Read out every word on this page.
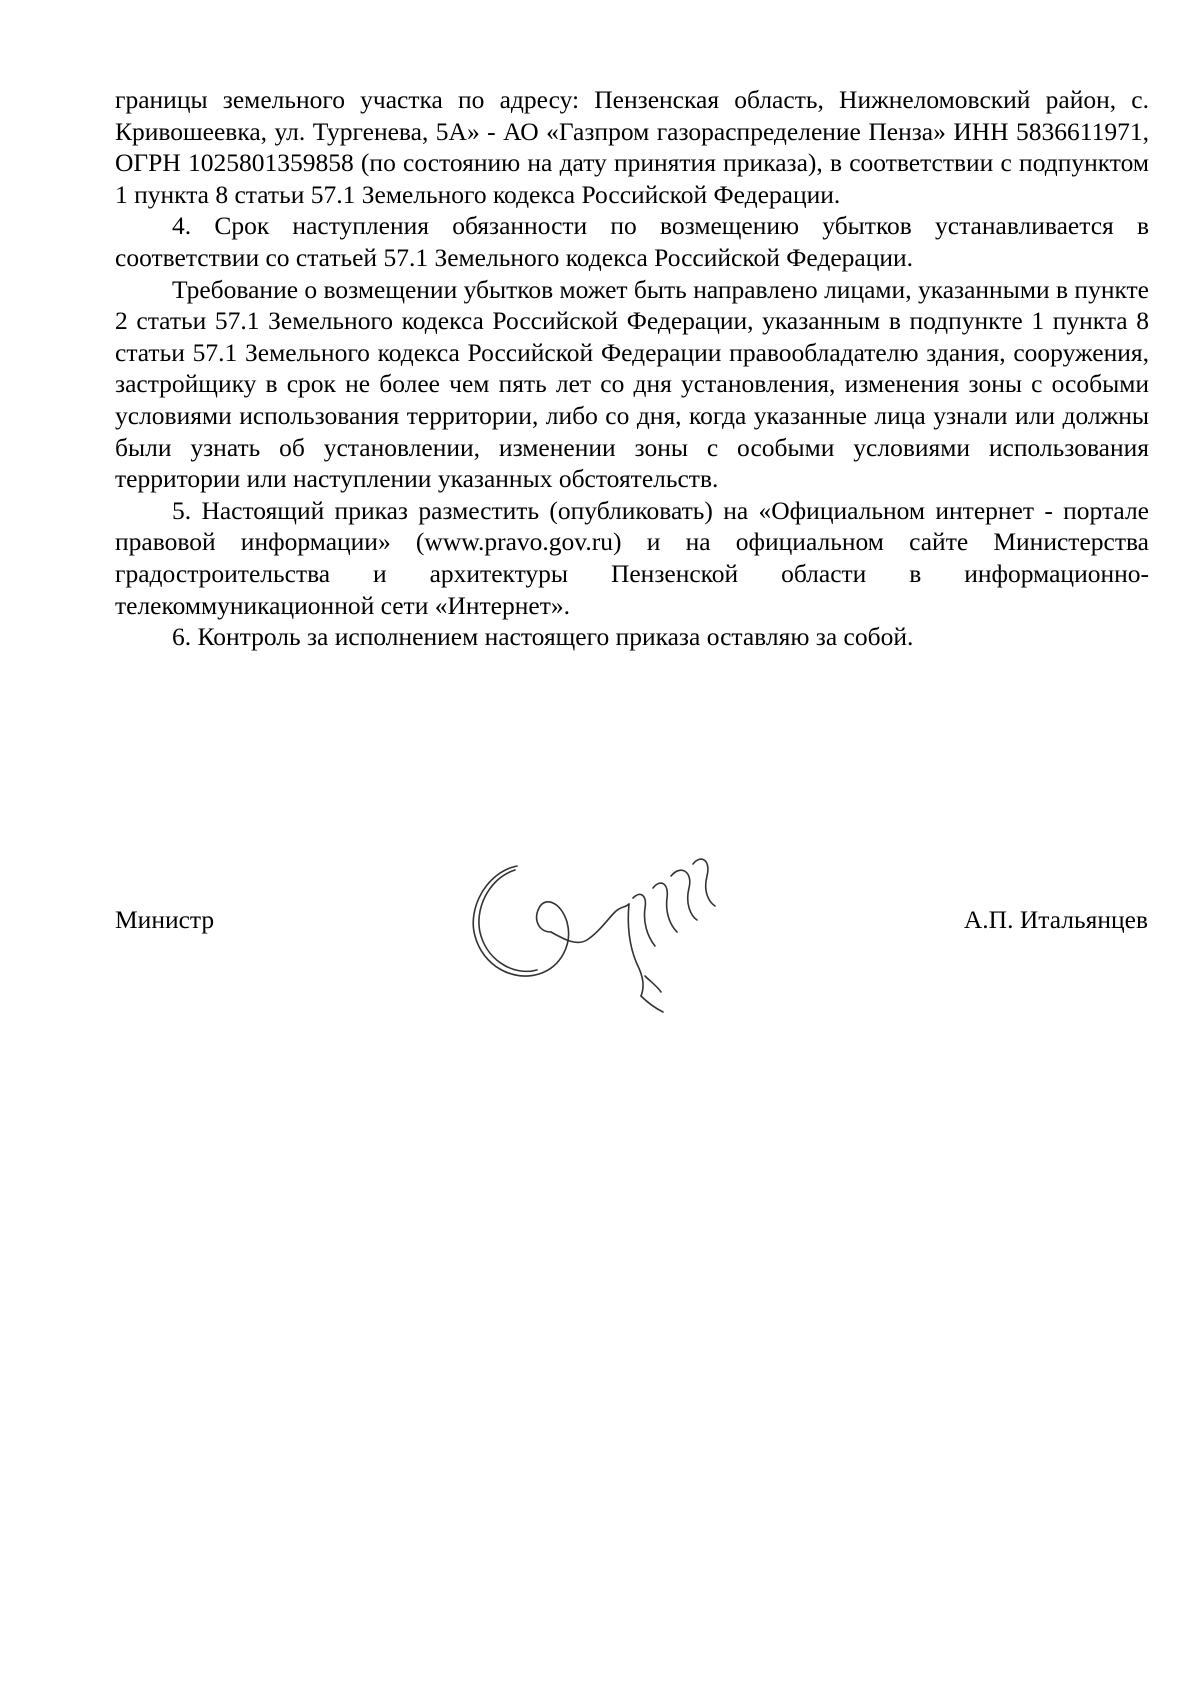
границы земельного участка по адресу: Пензенская область, Нижнеломовский район, с. Кривошеевка, ул. Тургенева, 5А» - АО «Газпром газораспределение Пенза» ИНН 5836611971, ОГРН 1025801359858 (по состоянию на дату принятия приказа), в соответствии с подпунктом 1 пункта 8 статьи 57.1 Земельного кодекса Российской Федерации.

4. Срок наступления обязанности по возмещению убытков устанавливается в соответствии со статьей 57.1 Земельного кодекса Российской Федерации.

Требование о возмещении убытков может быть направлено лицами, указанными в пункте 2 статьи 57.1 Земельного кодекса Российской Федерации, указанным в подпункте 1 пункта 8 статьи 57.1 Земельного кодекса Российской Федерации правообладателю здания, сооружения, застройщику в срок не более чем пять лет со дня установления, изменения зоны с особыми условиями использования территории, либо со дня, когда указанные лица узнали или должны были узнать об установлении, изменении зоны с особыми условиями использования территории или наступлении указанных обстоятельств.

5. Настоящий приказ разместить (опубликовать) на «Официальном интернет - портале правовой информации» (www.pravo.gov.ru) и на официальном сайте Министерства градостроительства и архитектуры Пензенской области в информационно-телекоммуникационной сети «Интернет».

6. Контроль за исполнением настоящего приказа оставляю за собой.

Министр	А.П. Итальянцев
